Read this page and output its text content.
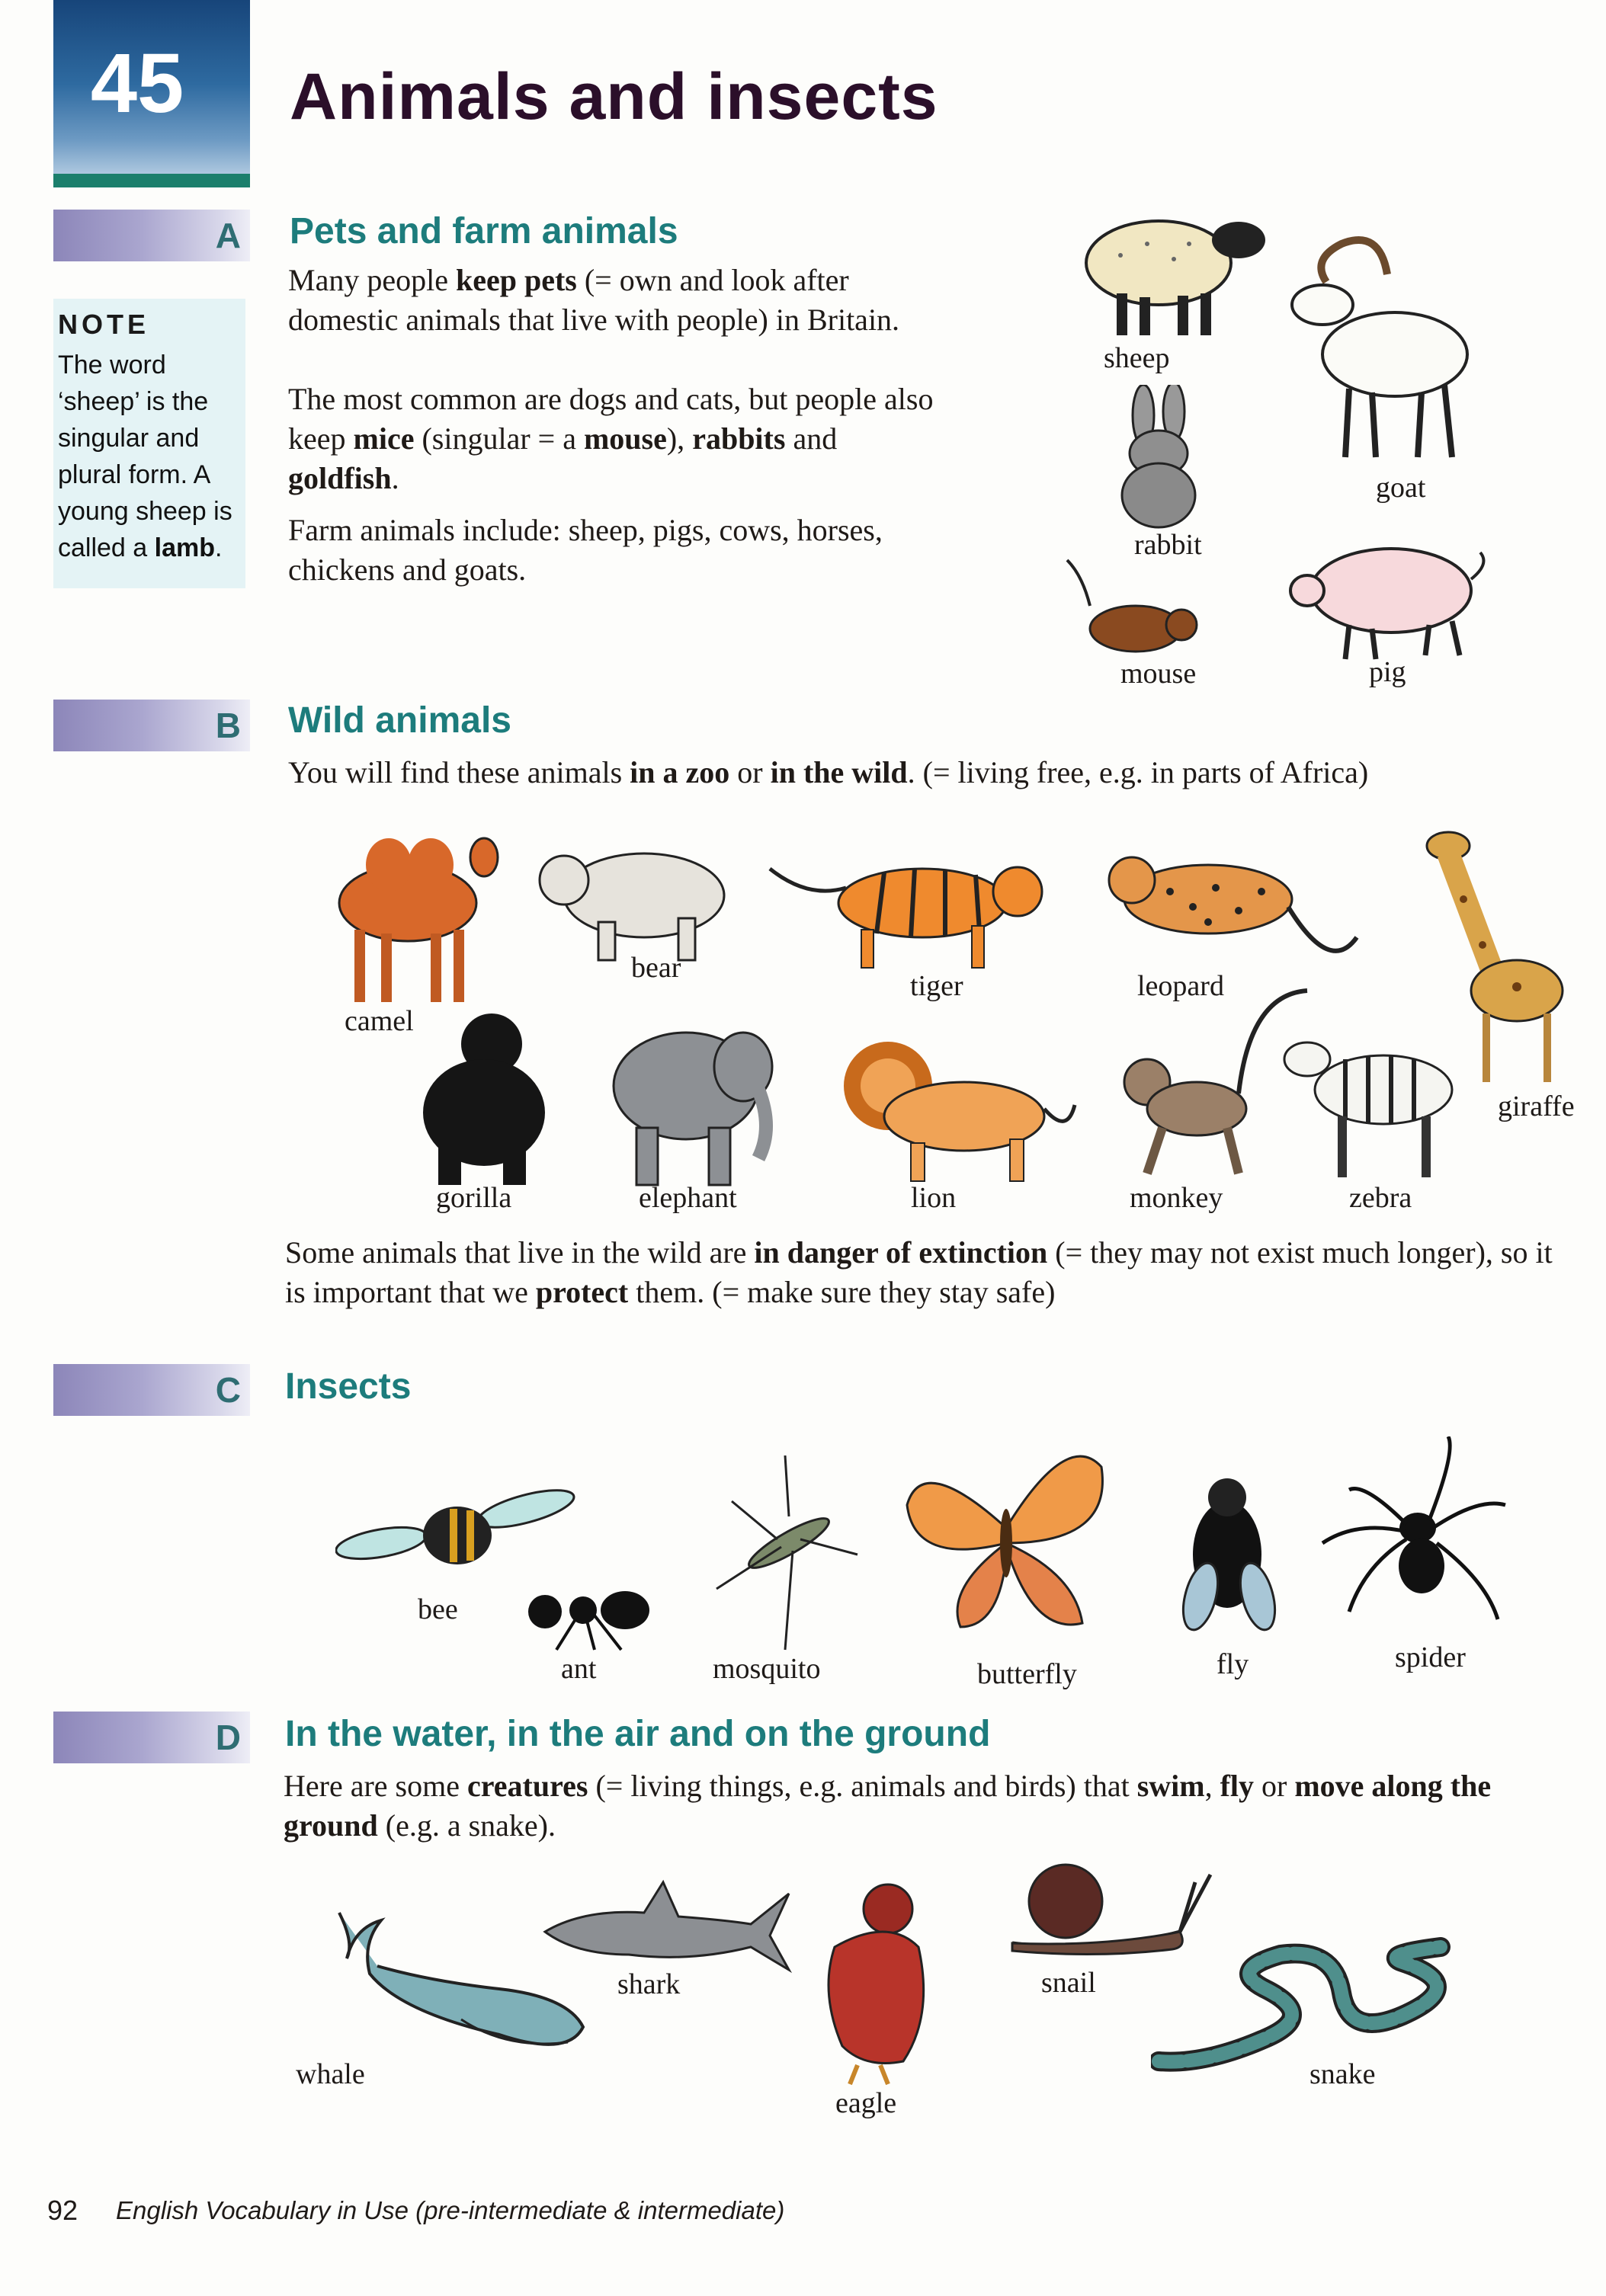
45	Animals and insects
A Pets and farm animals
Many people keep pets (= own and look after domestic animals that live with people) in Britain.
The most common are dogs and cats, but people also keep mice (singular = a mouse), rabbits and goldfish.
Farm animals include: sheep, pigs, cows, horses, chickens and goats.
NOTE
The word ‘sheep’ is the singular and plural form. A young sheep is called a lamb.
sheep
goat
rabbit
mouse	pig
B Wild animals
You will find these animals in a zoo or in the wild. (= living free, e.g. in parts of Africa)
camel
bear
tiger	leopard
giraffe
gorilla	elephant	lion	monkey	zebra
Some animals that live in the wild are in danger of extinction (= they may not exist much longer), so it is important that we protect them. (= make sure they stay safe)
C Insects
bee
ant	mosquito	butterfly	fly	spider
D In the water, in the air and on the ground
Here are some creatures (= living things, e.g. animals and birds) that swim, fly or move along the ground (e.g. a snake).
whale
shark
eagle
snail
snake
92 English Vocabulary in Use (pre-intermediate & intermediate)
